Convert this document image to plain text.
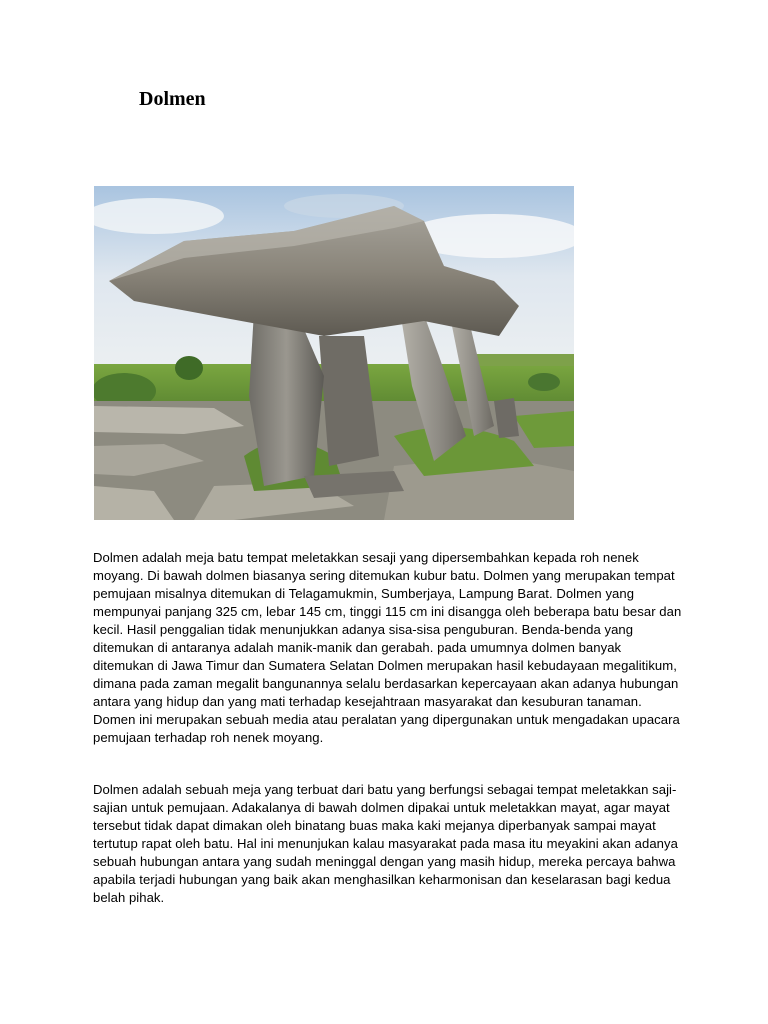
Dolmen

Dolmen adalah meja batu tempat meletakkan sesaji yang dipersembahkan kepada roh nenek moyang. Di bawah dolmen biasanya sering ditemukan kubur batu. Dolmen yang merupakan tempat pemujaan misalnya ditemukan di Telagamukmin, Sumberjaya, Lampung Barat. Dolmen yang mempunyai panjang 325 cm, lebar 145 cm, tinggi 115 cm ini disangga oleh beberapa batu besar dan kecil. Hasil penggalian tidak menunjukkan adanya sisa-sisa penguburan. Benda-benda yang ditemukan di antaranya adalah manik-manik dan gerabah. pada umumnya dolmen banyak ditemukan di Jawa Timur dan Sumatera Selatan Dolmen merupakan hasil kebudayaan megalitikum, dimana pada zaman megalit bangunannya selalu berdasarkan kepercayaan akan adanya hubungan antara yang hidup dan yang mati terhadap kesejahtraan masyarakat dan kesuburan tanaman. Domen ini merupakan sebuah media atau peralatan yang dipergunakan untuk mengadakan upacara pemujaan terhadap roh nenek moyang.

Dolmen adalah sebuah meja yang terbuat dari batu yang berfungsi sebagai tempat meletakkan saji-sajian untuk pemujaan. Adakalanya di bawah dolmen dipakai untuk meletakkan mayat, agar mayat tersebut tidak dapat dimakan oleh binatang buas maka kaki mejanya diperbanyak sampai mayat tertutup rapat oleh batu. Hal ini menunjukan kalau masyarakat pada masa itu meyakini akan adanya sebuah hubungan antara yang sudah meninggal dengan yang masih hidup, mereka percaya bahwa apabila terjadi hubungan yang baik akan menghasilkan keharmonisan dan keselarasan bagi kedua belah pihak.
